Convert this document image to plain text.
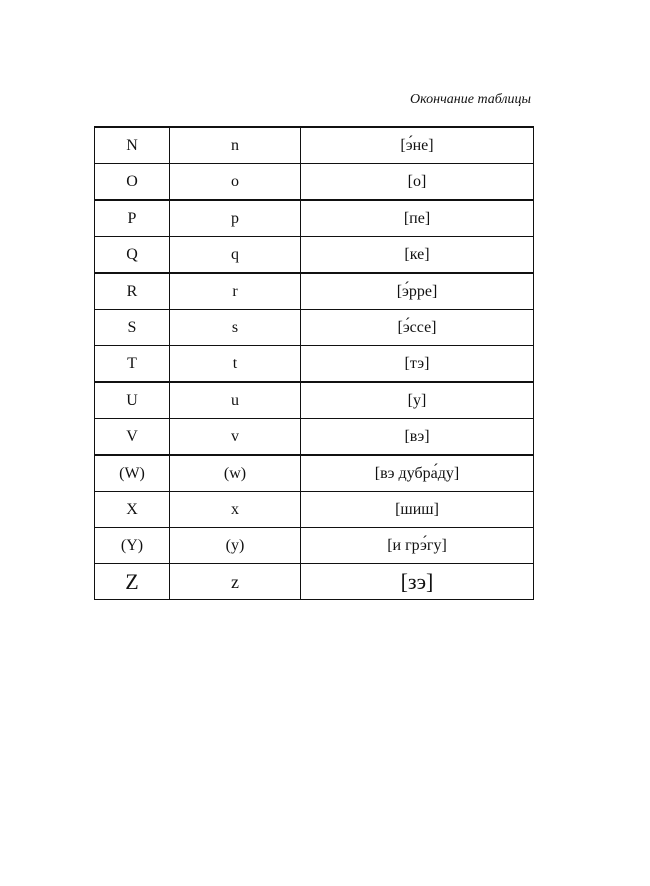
Окончание таблицы
N	n	[э́не]
O	o	[о]
P	p	[пе]
Q	q	[ке]
R	r	[э́рре]
S	s	[э́ссе]
T	t	[тэ]
U	u	[у]
V	v	[вэ]
(W)	(w)	[вэ дубра́ду]
X	x	[шиш]
(Y)	(y)	[и грэ́гу]
Z	z	[зэ]
